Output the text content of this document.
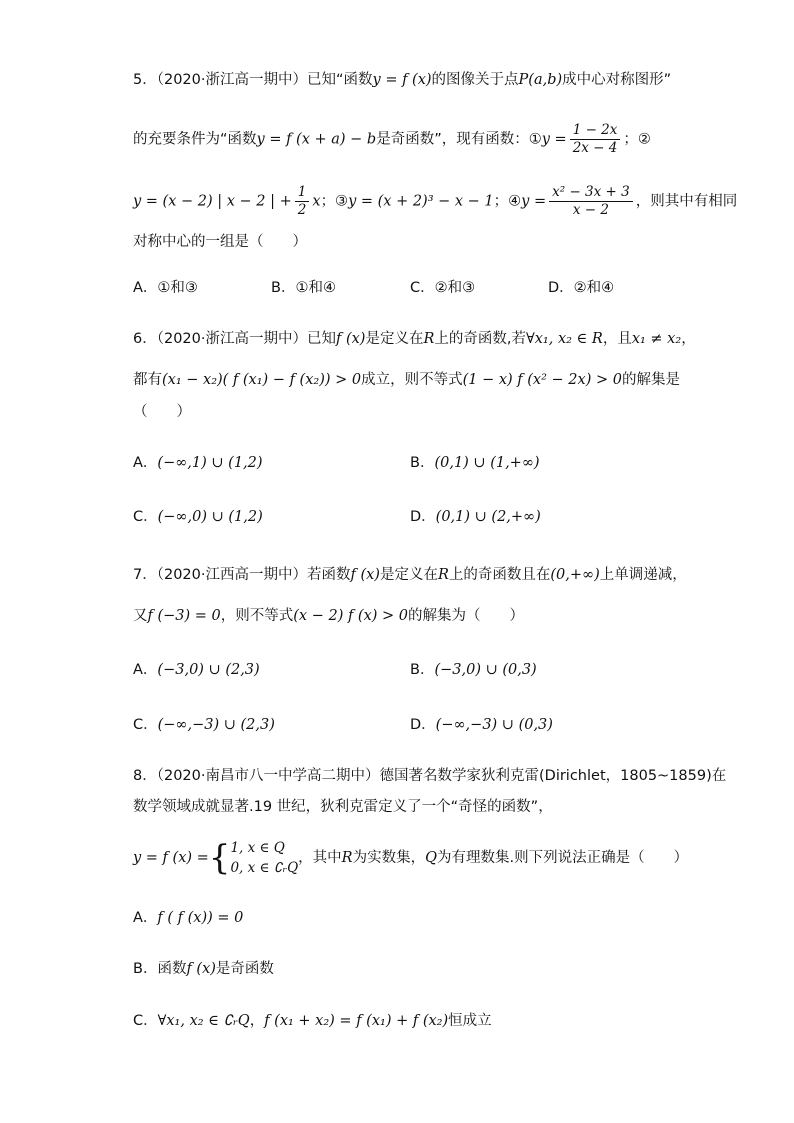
5．（2020·浙江高一期中）已知“函数y = f (x)的图像关于点P(a,b)成中心对称图形”
的充要条件为“函数y = f (x + a) − b是奇函数”，现有函数：①y = $\frac{1 - 2x}{2x - 4}$ ；②
y = (x − 2) | x − 2 | + $\frac{1}{2}$ x；③y = (x + 2)³ − x − 1；④y = $\frac{\text{x² − 3x + 3}}{x - 2}$ ，则其中有相同
对称中心的一组是（　　）
A．①和③	B．①和④	C．②和③	D．②和④
6．（2020·浙江高一期中）已知f (x)是定义在R上的奇函数,若∀x₁, x₂ ∈ R，且x₁ ≠ x₂，
都有(x₁ − x₂)( f (x₁) − f (x₂)) > 0成立，则不等式(1 − x) f (x² − 2x) > 0的解集是
（　　）
A．(−∞,1) ∪ (1,2)	B．(0,1) ∪ (1,+∞)
C．(−∞,0) ∪ (1,2)	D．(0,1) ∪ (2,+∞)
7．（2020·江西高一期中）若函数f (x)是定义在R上的奇函数且在(0,+∞)上单调递减，
又f (−3) = 0，则不等式(x − 2) f (x) > 0的解集为（　　）
A．(−3,0) ∪ (2,3)	B．(−3,0) ∪ (0,3)
C．(−∞,−3) ∪ (2,3)	D．(−∞,−3) ∪ (0,3)
8．（2020·南昌市八一中学高二期中）德国著名数学家狄利克雷(Dirichlet，1805~1859)在
数学领域成就显著.19 世纪，狄利克雷定义了一个“奇怪的函数”，
y = f (x) ={ 1, x ∈ Q
0, x ∈ ∁ᵣQ
，其中R为实数集，Q为有理数集.则下列说法正确是（　　）
A．f ( f (x)) = 0
B．函数f (x)是奇函数
C．∀x₁, x₂ ∈ ∁ᵣQ，f (x₁ + x₂) = f (x₁) + f (x₂)恒成立
